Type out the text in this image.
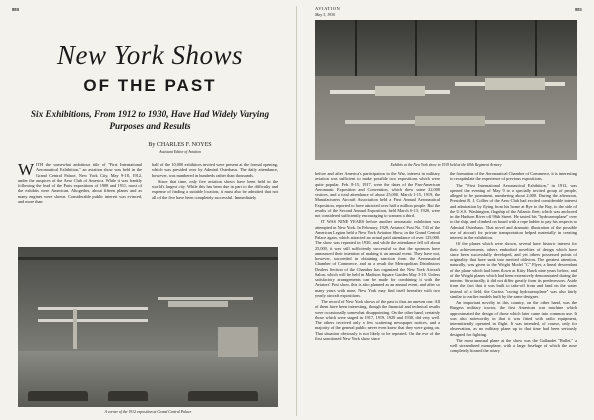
880
New York Shows
OF THE PAST
Six Exhibitions, From 1912 to 1930, Have Had Widely Varying Purposes and Results
By CHARLES F. NOYES
Assistant Editor of Aviation

WITH the somewhat ambitious title of "First International Aeronautical Exhibition," an aviation show was held in the Grand Central Palace, New York City, May 9-18, 1912, under the auspices of the Aero Club of America. While it was frankly following the lead of the Paris expositions of 1908 and 1911, most of the exhibits were American. Altogether, about fifteen planes and as many engines were shown. Considerable public interest was evinced, and more than

half of the 10,000 exhibitors invited were present at the formal opening, which was presided over by Admiral Osterhaus. The daily attendance, however, was numbered in hundreds rather than thousands.

Since that time, only five aviation shows have been held in the world's largest city. While this has been due in part to the difficulty and expense of finding a suitable location, it must also be admitted that not all of the five have been completely successful. Immediately

A corner of the 1912 exposition at Grand Central Palace
AVIATION
May 3, 1930
881
Exhibits at the New York show in 1919 held at the 69th Regiment Armory

before and after America's participation in the War, interest in military aviation was sufficient to make possible two expositions which were quite popular. Feb. 8-15, 1917, were the dates of the Pan-American Aeronautic Exposition and Convention, which drew some 22,000 visitors, and a total attendance of about 25,000. March 1-15, 1919, the Manufacturers Aircraft Association held a First Annual Aeronautical Exposition, reported to have attracted over half a million people. But the results of the Second Annual Exposition, held March 6-13, 1920, were not considered sufficiently encouraging to warrant a third.

IT WAS NINE YEARS before another aeronautic exhibition was attempted in New York. In February, 1929, Aviators' Post No. 743 of the American Legion held a New York Aviation Show, in the Grand Central Palace again, which attracted an actual paid attendance of over 125,000. The show was repeated in 1930, and while the attendance fell off about 25,000, it was still sufficiently successful so that the sponsors have announced their intention of making it an annual event. They have not, however, succeeded in obtaining sanction from the Aeronautical Chamber of Commerce, and as a result the Metropolitan Distributors Dealers Section of the Chamber has organized the New York Aircraft Salon, which will be held in Madison Square Garden May 3-10. Unless satisfactory arrangements can be made for combining it with the Aviators' Post show, this is also planned as an annual event, and after so many years with none, New York may find itself hereafter with two yearly aircraft expositions.

The record of New York shows of the past is thus an uneven one. All of them have been interesting, though the financial and technical results were occasionally somewhat disappointing. On the other hand, certainly those which were staged in 1917, 1919, 1929 and 1930, did very well. The others received only a few scattering newspaper notices, and a majority of the general public never even knew that they were going on. That situation obviously is not likely to be repeated. On the eve of the first sanctioned New York show since

the formation of the Aeronautical Chamber of Commerce, it is interesting to recapitulate the experience of previous expositions.

The "First International Aeronautical Exhibition," in 1912, was opened the evening of May 9 to a specially invited group of people, alleged to be prominent, numbering about 2,000. During the afternoon, President R. J. Collier of the Aero Club had excited considerable interest and admiration by flying from his home at Rye to the Bay, to the side of the U.S.S. Washington, flagship of the Atlantic fleet, which was anchored in the Hudson River off 96th Street. He taxied his "hydroaeroplane" over to the ship, and climbed on board with a rope ladder to pay his respects to Admiral Osterhaus. That novel and dramatic illustration of the possible use of aircraft for private transportation helped materially in creating interest in the exhibition.

Of the planes which were shown, several have historic interest for their achievements, others embodied novelties of design which have since been successfully developed, and yet others possessed points of originality that have sunk into merited oblivion. The greatest attention, naturally, was given to the Wright Model "C" Flyer, a lineal descendant of the plane which had been flown at Kitty Hawk nine years before, and of the Wright planes which had been extensively demonstrated during the interim. Structurally, it did not differ greatly from its predecessors. Aside from the fact that it was built to take-off from and land on the water instead of a field, the Curtiss "racing hydroaeroplane" was also fairly similar to earlier models built by the same designer.

An important novelty in this country, on the other hand, was the Burgess military tractor, the first American war machine which approximated the design of those which later came into common use. It was also noteworthy in that it was fitted with radio equipment, intermittently operated in flight. It was intended, of course, only for observation, as no military plane up to that time had been seriously designed for fighting.

The most unusual plane at the show was the Gallaudet "Bullet," a well streamlined monoplane, with a large fuselage of which the nose completely housed the rotary
